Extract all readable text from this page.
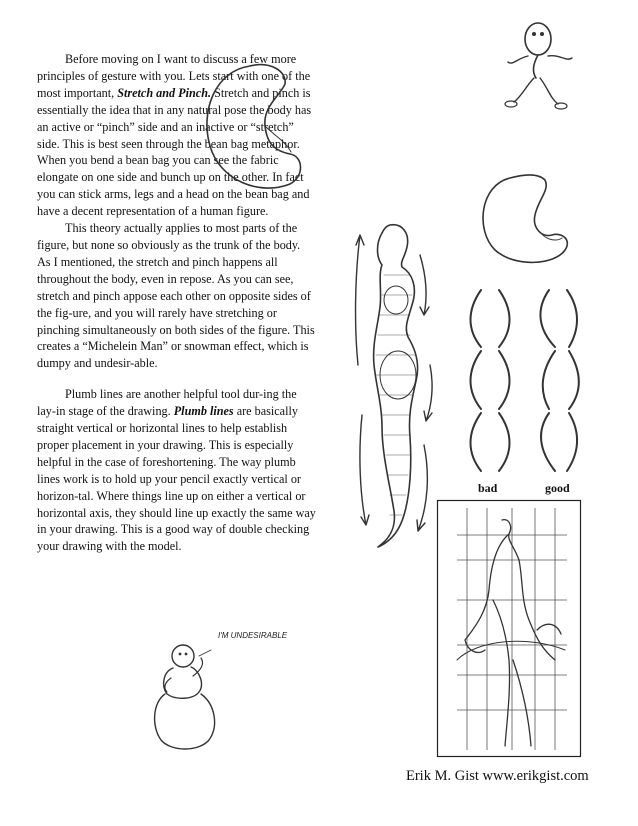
Before moving on I want to discuss a few more principles of gesture with you. Lets start with one of the most important, Stretch and Pinch. Stretch and pinch is essentially the idea that in any natural pose the body has an active or “pinch” side and an inactive or “stretch” side. This is best seen through the bean bag metaphor. When you bend a bean bag you can see the fabric elongate on one side and bunch up on the other. In fact you can stick arms, legs and a head on the bean bag and have a decent representation of a human figure.

This theory actually applies to most parts of the figure, but none so obviously as the trunk of the body. As I mentioned, the stretch and pinch happens all throughout the body, even in repose. As you can see, stretch and pinch appose each other on opposite sides of the fig-ure, and you will rarely have stretching or pinching simultaneously on both sides of the figure. This creates a “Michelein Man” or snowman effect, which is dumpy and undesir-able.

Plumb lines are another helpful tool dur-ing the lay-in stage of the drawing. Plumb lines are basically straight vertical or horizontal lines to help establish proper placement in your drawing. This is especially helpful in the case of foreshortening. The way plumb lines work is to hold up your pencil exactly vertical or horizon-tal. Where things line up on either a vertical or horizontal axis, they should line up exactly the same way in your drawing. This is a good way of double checking your drawing with the model.

bad	good
I'M UNDESIRABLE
Erik M. Gist www.erikgist.com
